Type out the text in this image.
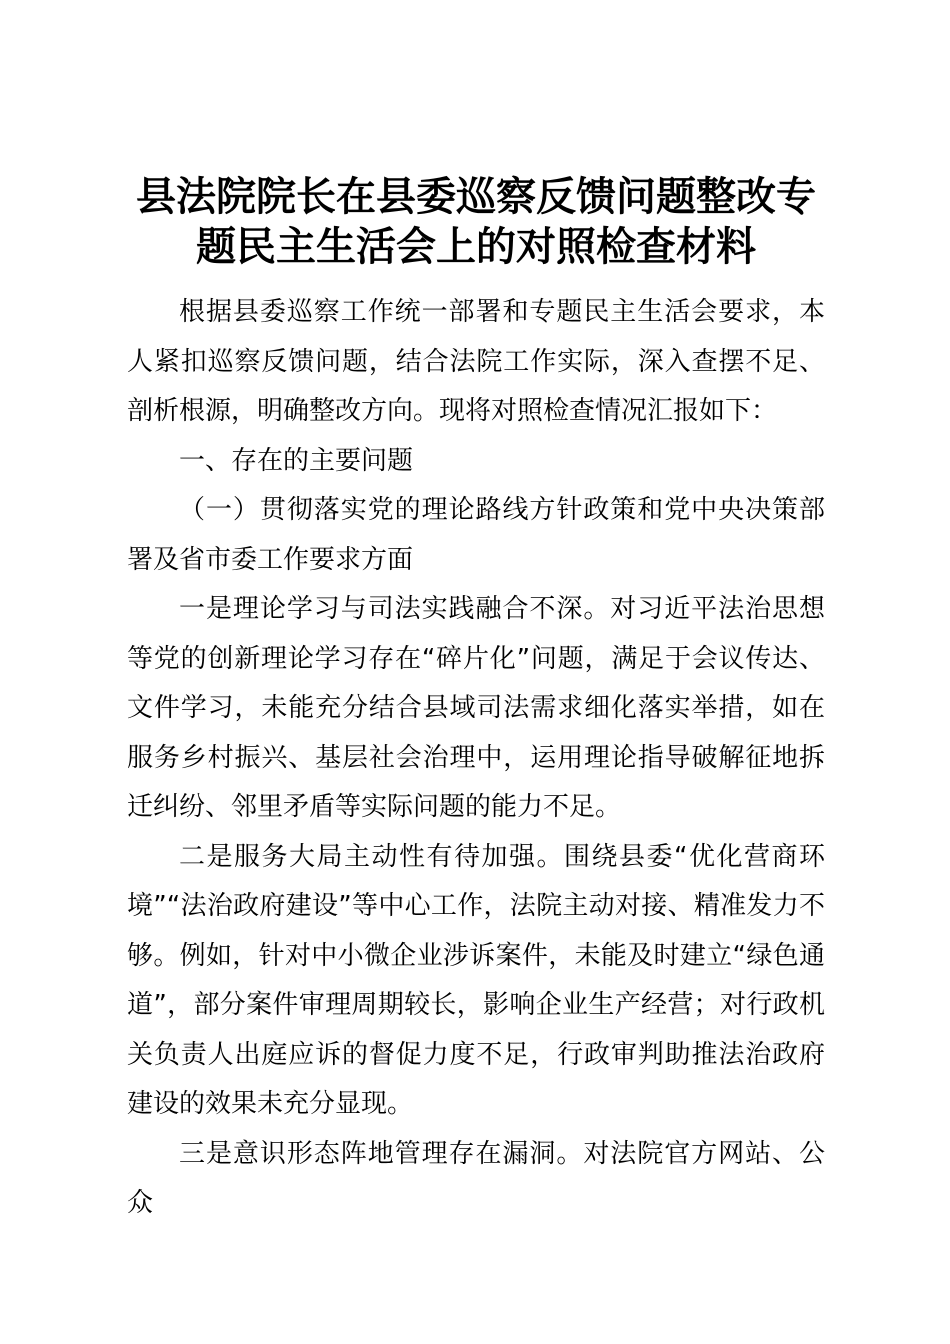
县法院院长在县委巡察反馈问题整改专题民主生活会上的对照检查材料

根据县委巡察工作统一部署和专题民主生活会要求，本人紧扣巡察反馈问题，结合法院工作实际，深入查摆不足、剖析根源，明确整改方向。现将对照检查情况汇报如下：

一、存在的主要问题

（一）贯彻落实党的理论路线方针政策和党中央决策部署及省市委工作要求方面

一是理论学习与司法实践融合不深。对习近平法治思想等党的创新理论学习存在“碎片化”问题，满足于会议传达、文件学习，未能充分结合县域司法需求细化落实举措，如在服务乡村振兴、基层社会治理中，运用理论指导破解征地拆迁纠纷、邻里矛盾等实际问题的能力不足。

二是服务大局主动性有待加强。围绕县委“优化营商环境”“法治政府建设”等中心工作，法院主动对接、精准发力不够。例如，针对中小微企业涉诉案件，未能及时建立“绿色通道”，部分案件审理周期较长，影响企业生产经营；对行政机关负责人出庭应诉的督促力度不足，行政审判助推法治政府建设的效果未充分显现。

三是意识形态阵地管理存在漏洞。对法院官方网站、公众
